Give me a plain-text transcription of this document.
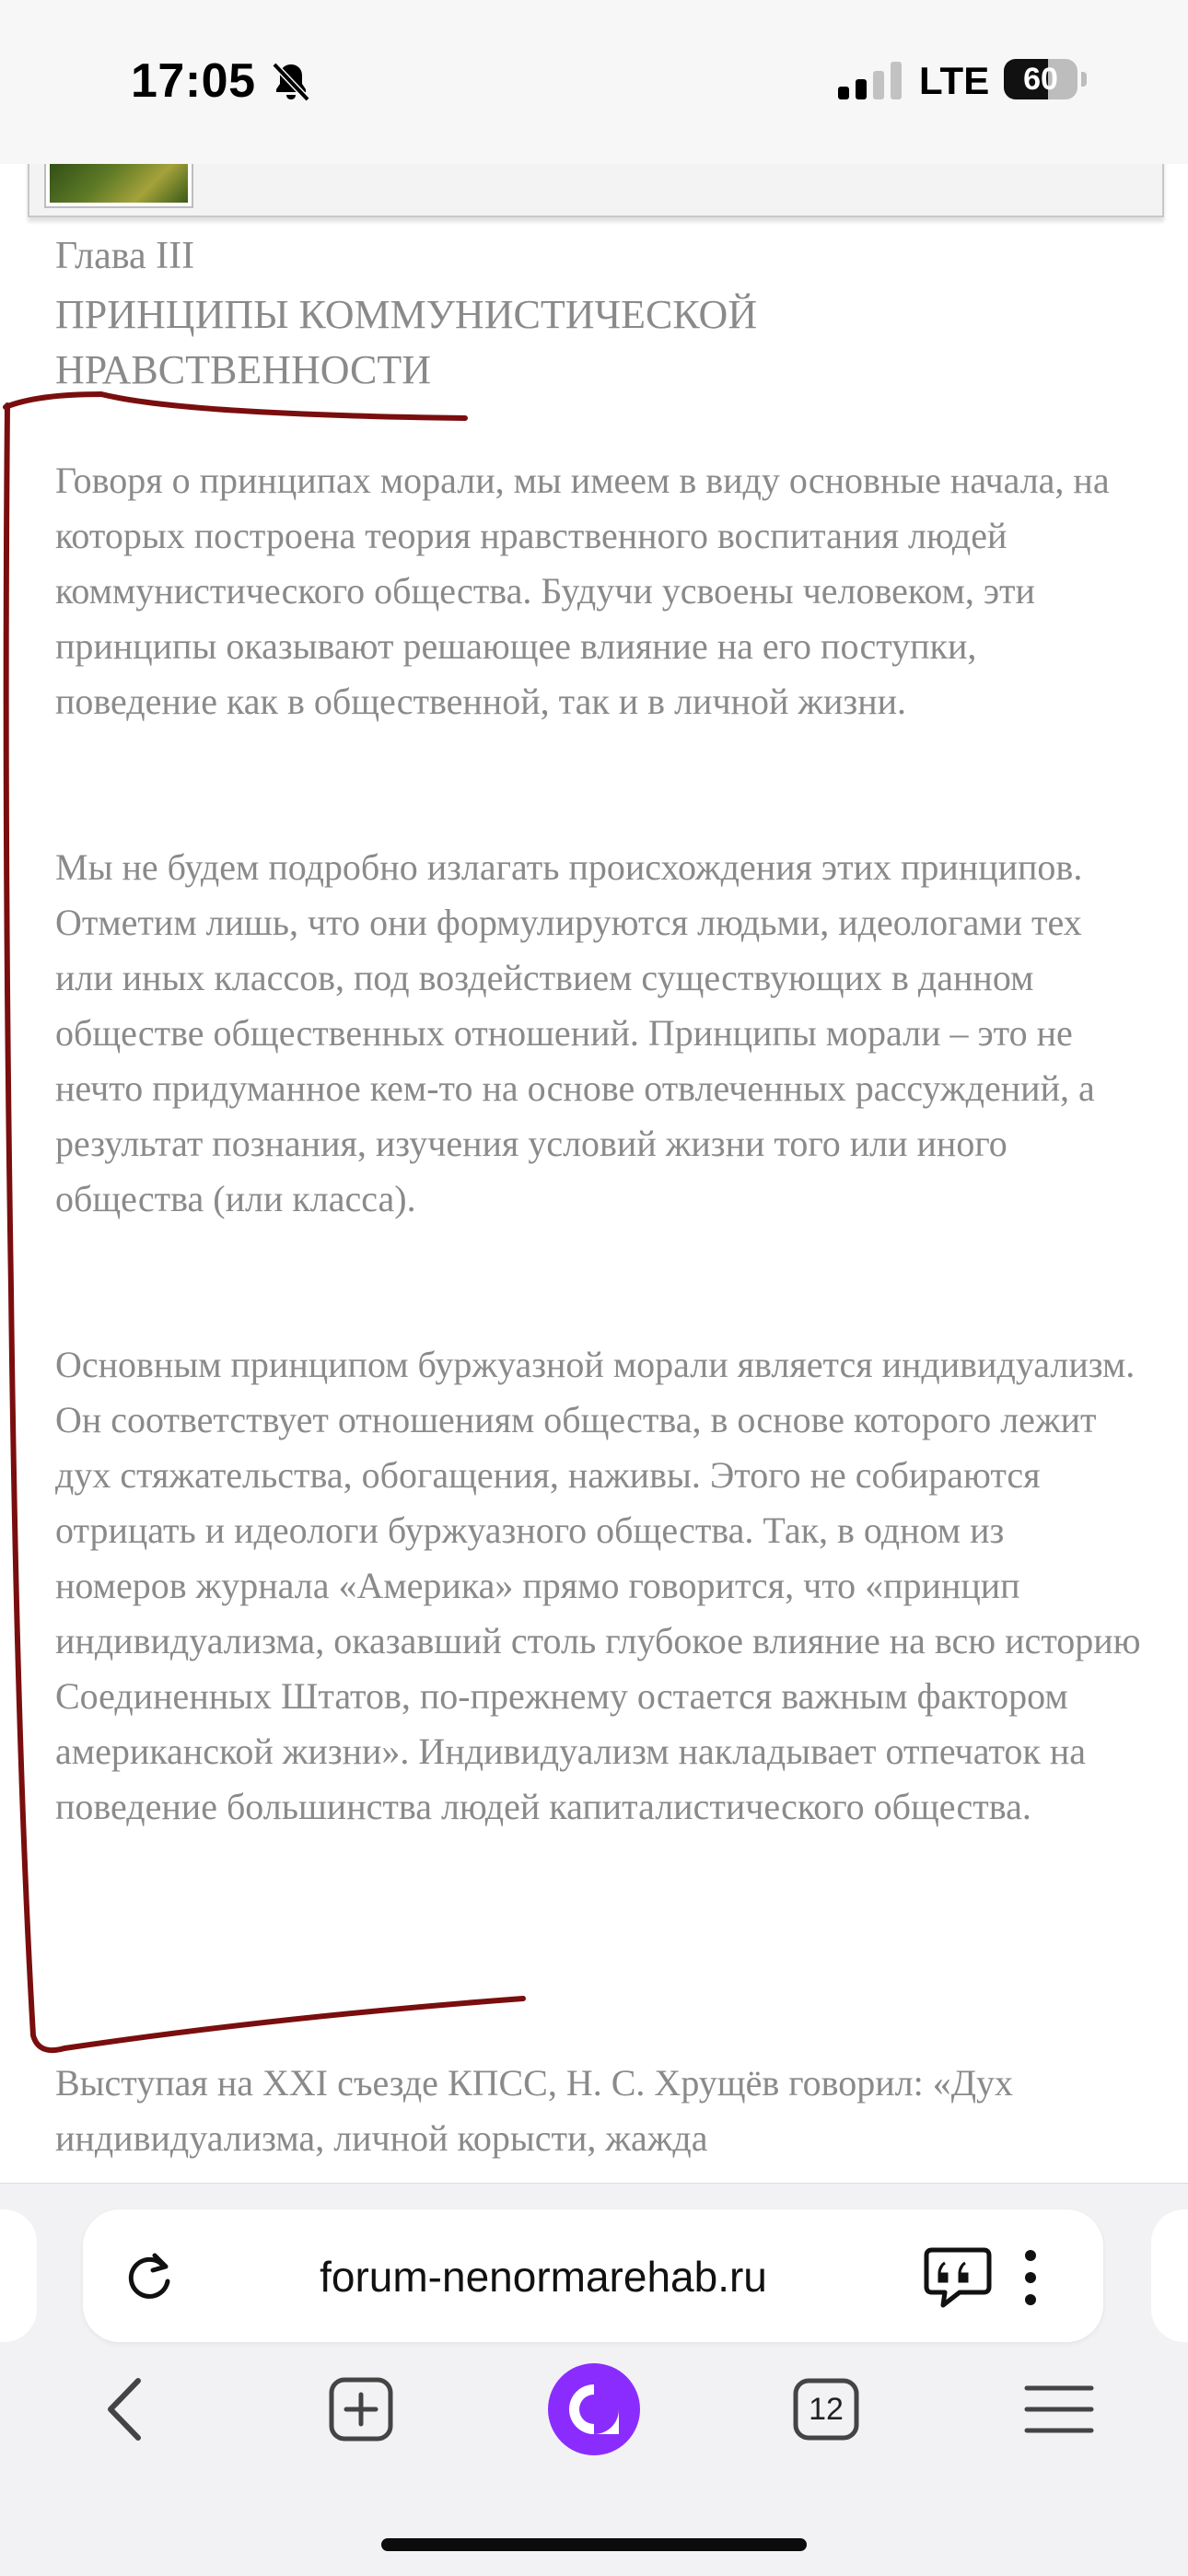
17:05	LTE	60
Глава III
ПРИНЦИПЫ КОММУНИСТИЧЕСКОЙ НРАВСТВЕННОСТИ

Говоря о принципах морали, мы имеем в виду основные начала, на которых построена теория нравственного воспитания людей коммунистического общества. Будучи усвоены человеком, эти принципы оказывают решающее влияние на его поступки, поведение как в общественной, так и в личной жизни.

Мы не будем подробно излагать происхождения этих принципов. Отметим лишь, что они формулируются людьми, идеологами тех или иных классов, под воздействием существующих в данном обществе общественных отношений. Принципы морали – это не нечто придуманное кем-то на основе отвлеченных рассуждений, а результат познания, изучения условий жизни того или иного общества (или класса).

Основным принципом буржуазной морали является индивидуализм. Он соответствует отношениям общества, в основе которого лежит дух стяжательства, обогащения, наживы. Этого не собираются отрицать и идеологи буржуазного общества. Так, в одном из номеров журнала «Америка» прямо говорится, что «принцип индивидуализма, оказавший столь глубокое влияние на всю историю Соединенных Штатов, по-прежнему остается важным фактором американской жизни». Индивидуализм накладывает отпечаток на поведение большинства людей капиталистического общества.

Выступая на XXI съезде КПСС, Н. С. Хрущёв говорил: «Дух индивидуализма, личной корысти, жажда

forum-nenormarehab.ru
12
